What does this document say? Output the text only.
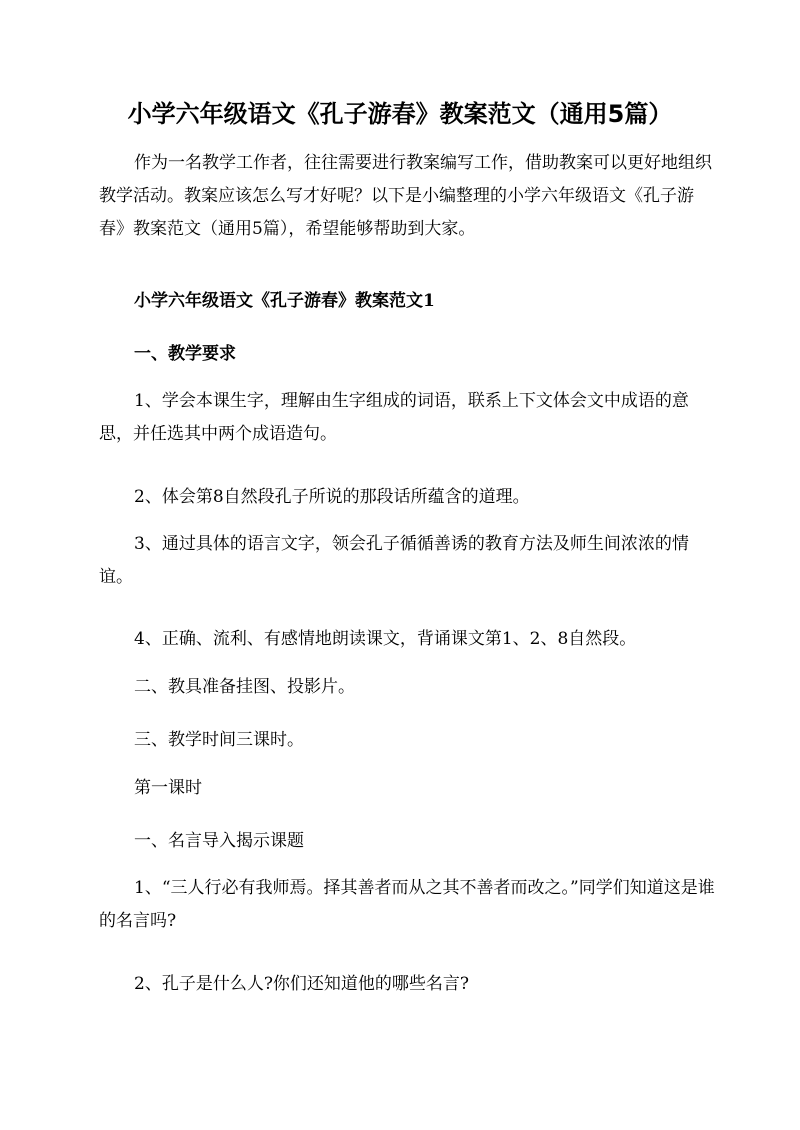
小学六年级语文《孔子游春》教案范文（通用5篇）

作为一名教学工作者，往往需要进行教案编写工作，借助教案可以更好地组织教学活动。教案应该怎么写才好呢？以下是小编整理的小学六年级语文《孔子游春》教案范文（通用5篇），希望能够帮助到大家。

小学六年级语文《孔子游春》教案范文1

一、教学要求

1、学会本课生字，理解由生字组成的词语，联系上下文体会文中成语的意思，并任选其中两个成语造句。

2、体会第8自然段孔子所说的那段话所蕴含的道理。

3、通过具体的语言文字，领会孔子循循善诱的教育方法及师生间浓浓的情谊。

4、正确、流利、有感情地朗读课文，背诵课文第1、2、8自然段。

二、教具准备挂图、投影片。

三、教学时间三课时。

第一课时

一、名言导入揭示课题

1、“三人行必有我师焉。择其善者而从之其不善者而改之。”同学们知道这是谁的名言吗?

2、孔子是什么人?你们还知道他的哪些名言?
